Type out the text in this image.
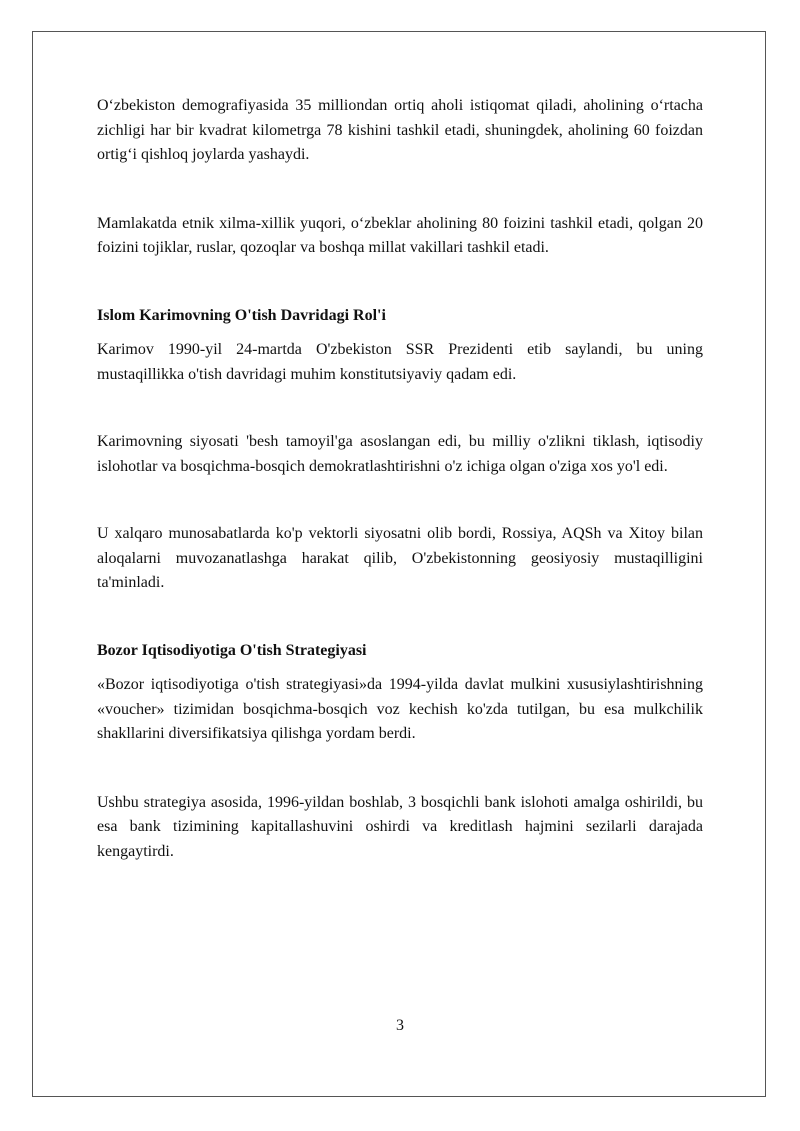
O‘zbekiston demografiyasida 35 milliondan ortiq aholi istiqomat qiladi, aholining o‘rtacha zichligi har bir kvadrat kilometrga 78 kishini tashkil etadi, shuningdek, aholining 60 foizdan ortig‘i qishloq joylarda yashaydi.

Mamlakatda etnik xilma-xillik yuqori, o‘zbeklar aholining 80 foizini tashkil etadi, qolgan 20 foizini tojiklar, ruslar, qozoqlar va boshqa millat vakillari tashkil etadi.

Islom Karimovning O'tish Davridagi Rol'i

Karimov 1990-yil 24-martda O'zbekiston SSR Prezidenti etib saylandi, bu uning mustaqillikka o'tish davridagi muhim konstitutsiyaviy qadam edi.

Karimovning siyosati 'besh tamoyil'ga asoslangan edi, bu milliy o'zlikni tiklash, iqtisodiy islohotlar va bosqichma-bosqich demokratlashtirishni o'z ichiga olgan o'ziga xos yo'l edi.

U xalqaro munosabatlarda ko'p vektorli siyosatni olib bordi, Rossiya, AQSh va Xitoy bilan aloqalarni muvozanatlashga harakat qilib, O'zbekistonning geosiyosiy mustaqilligini ta'minladi.

Bozor Iqtisodiyotiga O'tish Strategiyasi

«Bozor iqtisodiyotiga o'tish strategiyasi»da 1994-yilda davlat mulkini xususiylashtirishning «voucher» tizimidan bosqichma-bosqich voz kechish ko'zda tutilgan, bu esa mulkchilik shakllarini diversifikatsiya qilishga yordam berdi.

Ushbu strategiya asosida, 1996-yildan boshlab, 3 bosqichli bank islohoti amalga oshirildi, bu esa bank tizimining kapitallashuvini oshirdi va kreditlash hajmini sezilarli darajada kengaytirdi.

3
